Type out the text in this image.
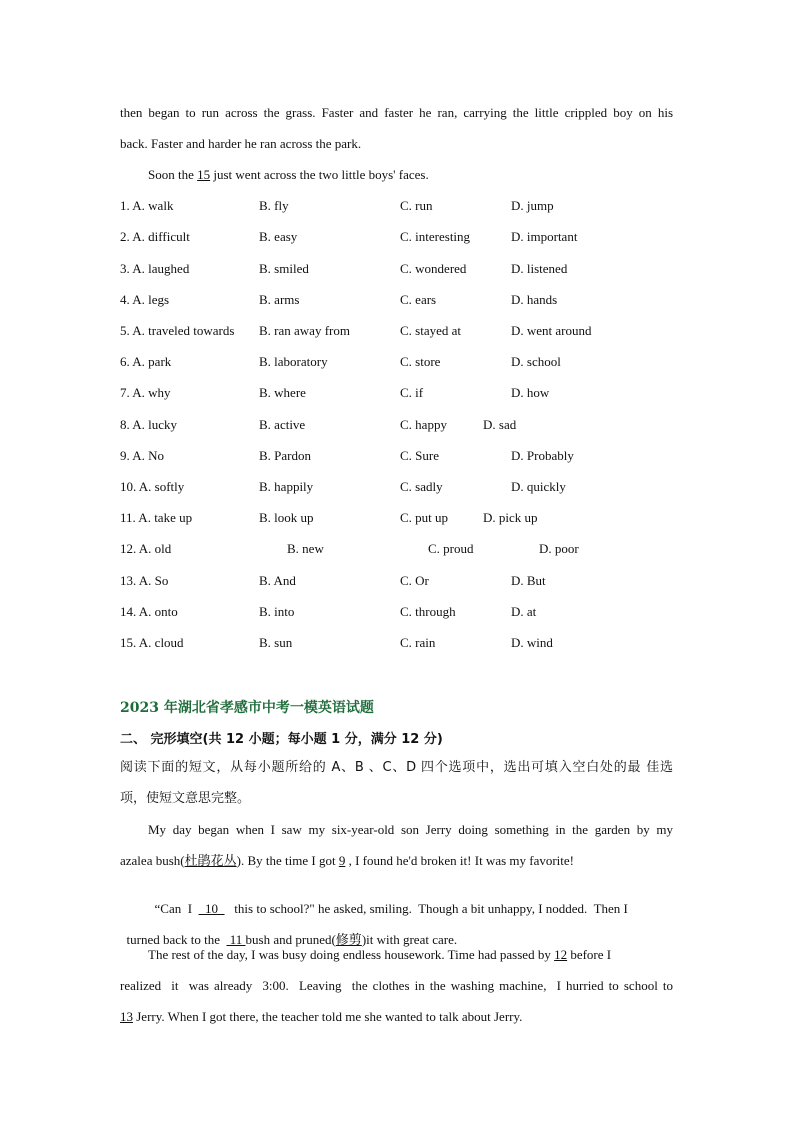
then began to run across the grass. Faster and faster he ran, carrying the little crippled boy on his
back. Faster and harder he ran across the park.
Soon the 15 just went across the two little boys' faces.
1. A. walk	B. fly	C. run	D. jump
2. A. difficult	B. easy	C. interesting	D. important
3. A. laughed	B. smiled	C. wondered	D. listened
4. A. legs	B. arms	C. ears	D. hands
5. A. traveled towards B. ran away from	C. stayed at	D. went around
6. A. park	B. laboratory	C. store	D. school
7. A. why	B. where	C. if	D. how
8. A. lucky	B. active	C. happy	D. sad
9. A. No	B. Pardon	C. Sure	D. Probably
10. A. softly	B. happily	C. sadly	D. quickly
11. A. take up	B. look up	C. put up	D. pick up
12. A. old	B. new	C. proud	D. poor
13. A. So	B. And	C. Or	D. But
14. A. onto	B. into	C. through	D. at
15. A. cloud	B. sun	C. rain	D. wind
2023 年湖北省孝感市中考一模英语试题
二、 完形填空(共 12 小题；每小题 1 分，满分 12 分)
阅读下面的短文，从每小题所给的 A、B 、C、D 四个选项中，选出可填入空白处的最 佳选
项，使短文意思完整。
My day began when I saw my six-year-old son Jerry doing something in the garden by my
azalea bush(杜鹃花丛). By the time I got 9 , I found he'd broken it! It was my favorite!

“Can  I    10     this to school?" he asked, smiling.  Though a bit unhappy, I nodded.  Then I

turned back to the   11 bush and pruned(修剪)it with great care.

The rest of the day, I was busy doing endless housework. Time had passed by 12 before I
realized  it  was already  3:00.  Leaving  the clothes in the washing machine,  I hurried to school to
13 Jerry. When I got there, the teacher told me she wanted to talk about Jerry.
